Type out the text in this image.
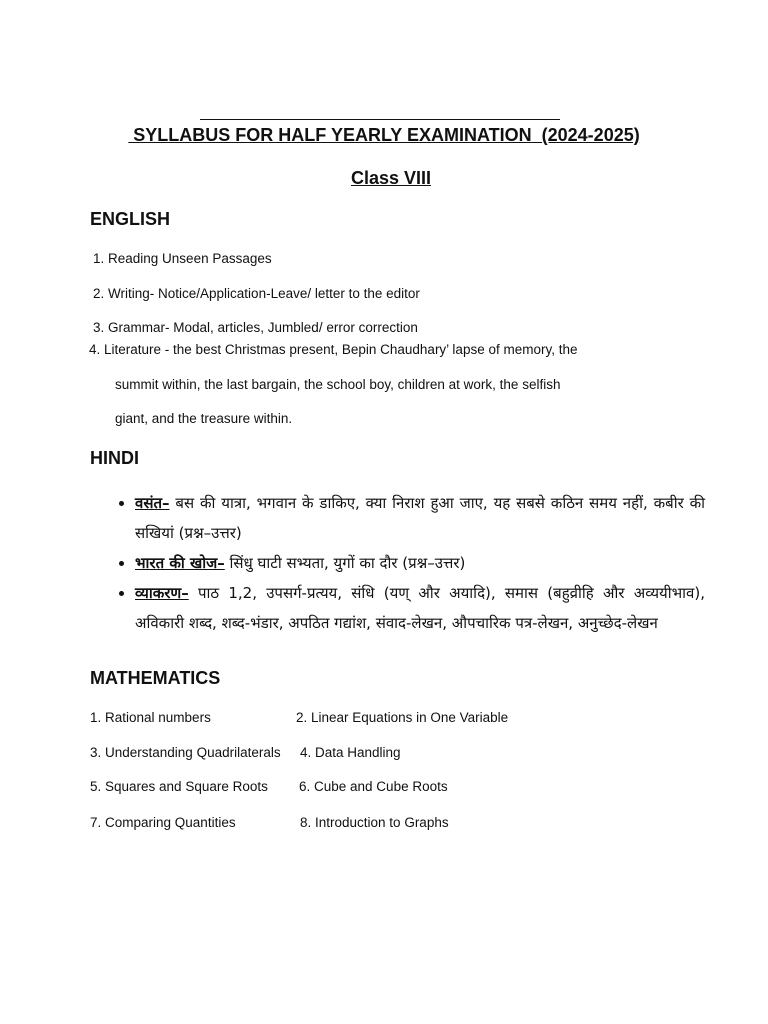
SYLLABUS FOR HALF YEARLY EXAMINATION  (2024-2025)
Class VIII
ENGLISH
1. Reading Unseen Passages
2. Writing- Notice/Application-Leave/ letter to the editor
3. Grammar- Modal, articles, Jumbled/ error correction
4. Literature - the best Christmas present, Bepin Chaudhary’ lapse of memory, the
summit within, the last bargain, the school boy, children at work, the selfish
giant, and the treasure within.
HINDI
• वसंत– बस की यात्रा, भगवान के डाकिए, क्या निराश हुआ जाए, यह सबसे कठिन समय नहीं, कबीर की सखियां (प्रश्न–उत्तर)
• भारत की खोज– सिंधु घाटी सभ्यता, युगों का दौर (प्रश्न–उत्तर)
• व्याकरण– पाठ 1,2, उपसर्ग-प्रत्यय, संधि (यण् और अयादि), समास (बहुव्रीहि और अव्ययीभाव), अविकारी शब्द, शब्द-भंडार, अपठित गद्यांश, संवाद-लेखन, औपचारिक पत्र-लेखन, अनुच्छेद-लेखन
MATHEMATICS
1. Rational numbers	2. Linear Equations in One Variable
3. Understanding Quadrilaterals 4. Data Handling
5. Squares and Square Roots 6. Cube and Cube Roots
7. Comparing Quantities	8. Introduction to Graphs
